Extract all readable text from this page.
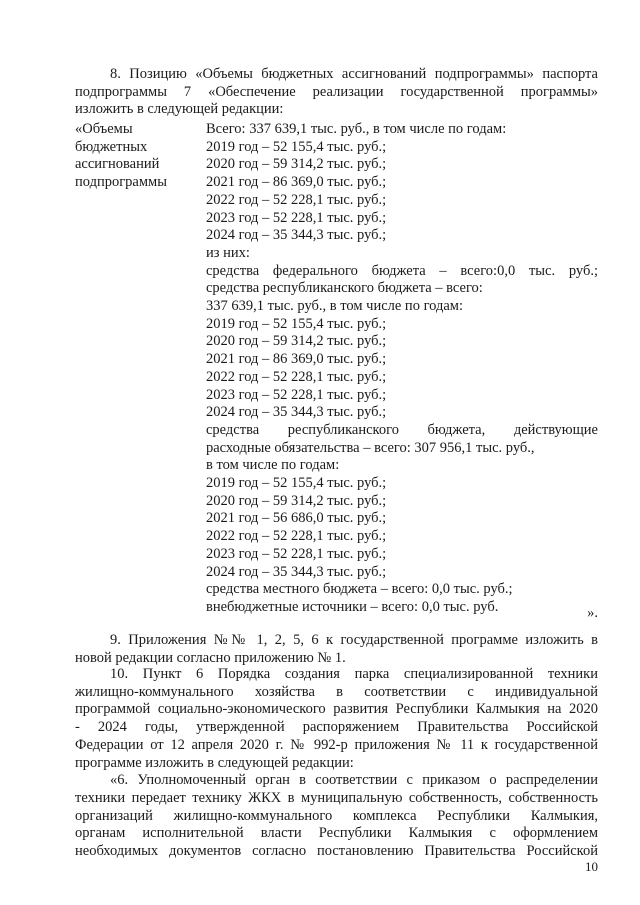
8. Позицию «Объемы бюджетных ассигнований подпрограммы» паспорта
подпрограммы 7 «Обеспечение реализации государственной программы»
изложить в следующей редакции:
«Объемы
бюджетных
ассигнований
подпрограммы
Всего: 337 639,1 тыс. руб., в том числе по годам:
2019 год – 52 155,4 тыс. руб.;
2020 год – 59 314,2 тыс. руб.;
2021 год – 86 369,0 тыс. руб.;
2022 год – 52 228,1 тыс. руб.;
2023 год – 52 228,1 тыс. руб.;
2024 год – 35 344,3 тыс. руб.;
из них:
средства федерального бюджета – всего:0,0 тыс. руб.;
средства республиканского бюджета – всего:
337 639,1 тыс. руб., в том числе по годам:
2019 год – 52 155,4 тыс. руб.;
2020 год – 59 314,2 тыс. руб.;
2021 год – 86 369,0 тыс. руб.;
2022 год – 52 228,1 тыс. руб.;
2023 год – 52 228,1 тыс. руб.;
2024 год – 35 344,3 тыс. руб.;
средства республиканского бюджета, действующие
расходные обязательства – всего: 307 956,1 тыс. руб.,
в том числе по годам:
2019 год – 52 155,4 тыс. руб.;
2020 год – 59 314,2 тыс. руб.;
2021 год – 56 686,0 тыс. руб.;
2022 год – 52 228,1 тыс. руб.;
2023 год – 52 228,1 тыс. руб.;
2024 год – 35 344,3 тыс. руб.;
средства местного бюджета – всего: 0,0 тыс. руб.;
внебюджетные источники – всего: 0,0 тыс. руб.	».
9. Приложения №№ 1, 2, 5, 6 к государственной программе изложить в
новой редакции согласно приложению № 1.
10. Пункт 6 Порядка создания парка специализированной техники
жилищно-коммунального хозяйства в соответствии с индивидуальной
программой социально-экономического развития Республики Калмыкия на 2020
- 2024 годы, утвержденной распоряжением Правительства Российской
Федерации от 12 апреля 2020 г. № 992-р приложения № 11 к государственной
программе изложить в следующей редакции:
«6. Уполномоченный орган в соответствии с приказом о распределении
техники передает технику ЖКХ в муниципальную собственность, собственность
организаций жилищно-коммунального комплекса Республики Калмыкия,
органам исполнительной власти Республики Калмыкия с оформлением
необходимых документов согласно постановлению Правительства Российской
10
